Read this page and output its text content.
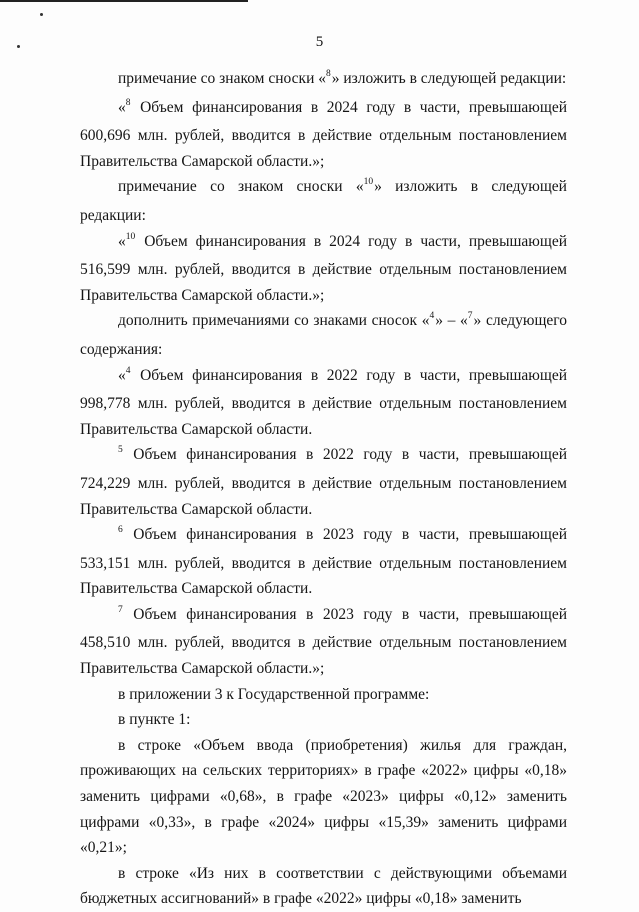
5

примечание со знаком сноски «$^8$» изложить в следующей редакции:

«$^8$ Объем финансирования в 2024 году в части, превышающей 600,696 млн. рублей, вводится в действие отдельным постановлением Правительства Самарской области.»;

примечание со знаком сноски «$^{10}$» изложить в следующей редакции:

«$^{10}$ Объем финансирования в 2024 году в части, превышающей 516,599 млн. рублей, вводится в действие отдельным постановлением Правительства Самарской области.»;

дополнить примечаниями со знаками сносок «$^4$» – «$^7$» следующего содержания:

«$^4$ Объем финансирования в 2022 году в части, превышающей 998,778 млн. рублей, вводится в действие отдельным постановлением Правительства Самарской области.

$^5$ Объем финансирования в 2022 году в части, превышающей 724,229 млн. рублей, вводится в действие отдельным постановлением Правительства Самарской области.

$^6$ Объем финансирования в 2023 году в части, превышающей 533,151 млн. рублей, вводится в действие отдельным постановлением Правительства Самарской области.

$^7$ Объем финансирования в 2023 году в части, превышающей 458,510 млн. рублей, вводится в действие отдельным постановлением Правительства Самарской области.»;

в приложении 3 к Государственной программе:

в пункте 1:

в строке «Объем ввода (приобретения) жилья для граждан, проживающих на сельских территориях» в графе «2022» цифры «0,18» заменить цифрами «0,68», в графе «2023» цифры «0,12» заменить цифрами «0,33», в графе «2024» цифры «15,39» заменить цифрами «0,21»;

в строке «Из них в соответствии с действующими объемами бюджетных ассигнований» в графе «2022» цифры «0,18» заменить
